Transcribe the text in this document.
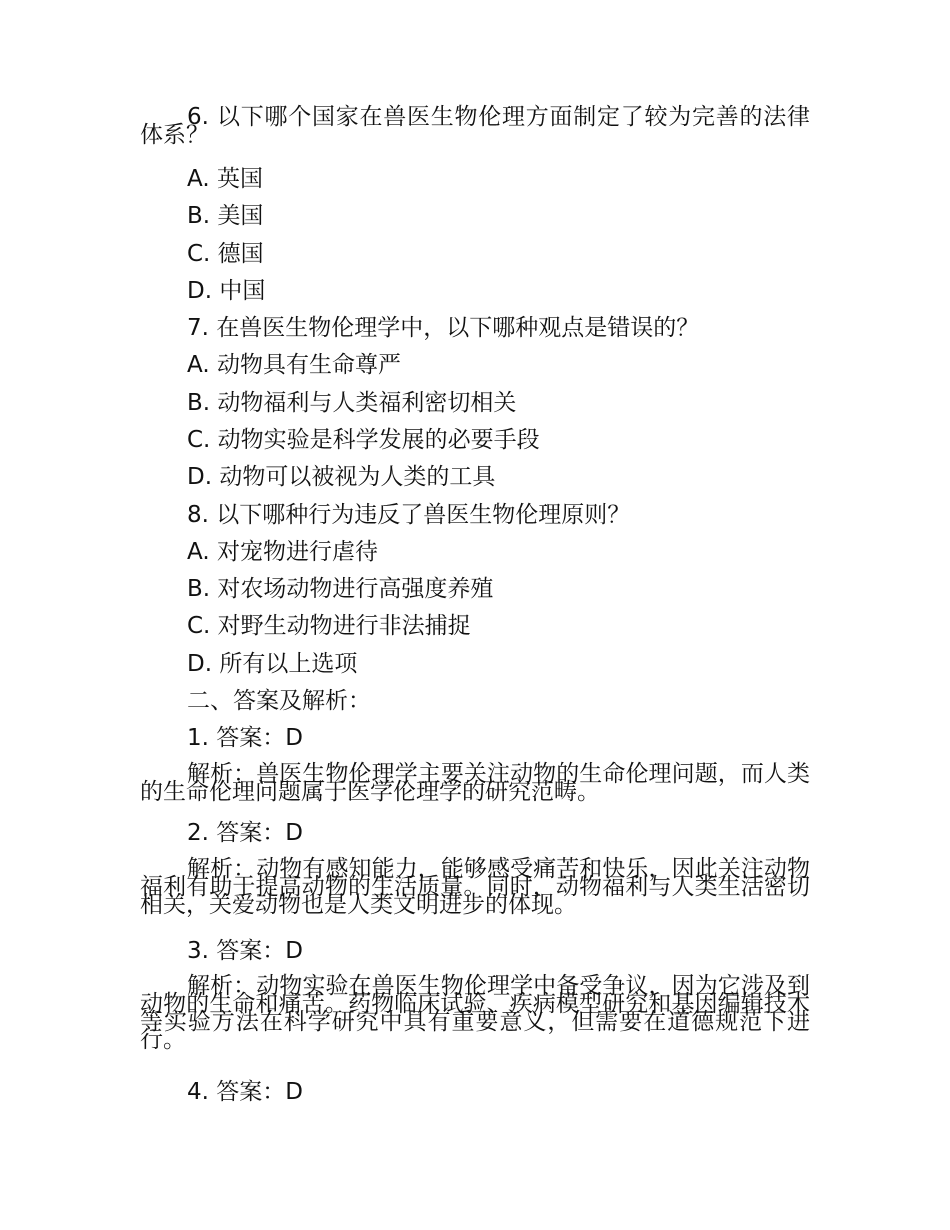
6. 以下哪个国家在兽医生物伦理方面制定了较为完善的法律体系？
A. 英国
B. 美国
C. 德国
D. 中国
7. 在兽医生物伦理学中，以下哪种观点是错误的？
A. 动物具有生命尊严
B. 动物福利与人类福利密切相关
C. 动物实验是科学发展的必要手段
D. 动物可以被视为人类的工具
8. 以下哪种行为违反了兽医生物伦理原则？
A. 对宠物进行虐待
B. 对农场动物进行高强度养殖
C. 对野生动物进行非法捕捉
D. 所有以上选项
二、答案及解析：
1. 答案：D
解析：兽医生物伦理学主要关注动物的生命伦理问题，而人类的生命伦理问题属于医学伦理学的研究范畴。
2. 答案：D
解析：动物有感知能力，能够感受痛苦和快乐，因此关注动物福利有助于提高动物的生活质量。同时，动物福利与人类生活密切相关，关爱动物也是人类文明进步的体现。
3. 答案：D
解析：动物实验在兽医生物伦理学中备受争议，因为它涉及到动物的生命和痛苦。药物临床试验、疾病模型研究和基因编辑技术等实验方法在科学研究中具有重要意义，但需要在道德规范下进行。
4. 答案：D
